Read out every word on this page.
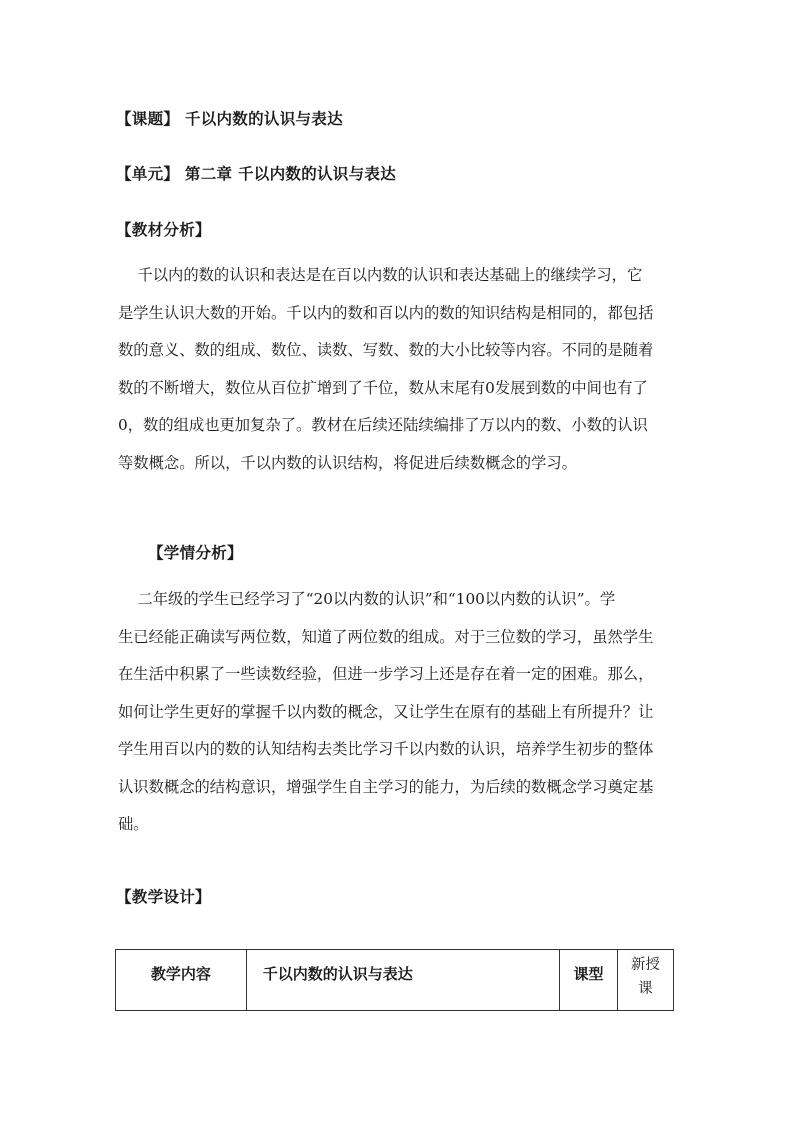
【课题】 千以内数的认识与表达
【单元】 第二章 千以内数的认识与表达
【教材分析】

千以内的数的认识和表达是在百以内数的认识和表达基础上的继续学习，它
是学生认识大数的开始。千以内的数和百以内的数的知识结构是相同的，都包括
数的意义、数的组成、数位、读数、写数、数的大小比较等内容。不同的是随着
数的不断增大，数位从百位扩增到了千位，数从末尾有0发展到数的中间也有了
0，数的组成也更加复杂了。教材在后续还陆续编排了万以内的数、小数的认识
等数概念。所以，千以内数的认识结构，将促进后续数概念的学习。

【学情分析】

二年级的学生已经学习了“20以内数的认识”和“100以内数的认识”。学
生已经能正确读写两位数，知道了两位数的组成。对于三位数的学习，虽然学生
在生活中积累了一些读数经验，但进一步学习上还是存在着一定的困难。那么，
如何让学生更好的掌握千以内数的概念，又让学生在原有的基础上有所提升？让
学生用百以内的数的认知结构去类比学习千以内数的认识，培养学生初步的整体
认识数概念的结构意识，增强学生自主学习的能力，为后续的数概念学习奠定基
础。

【教学设计】
教学内容	千以内数的认识与表达	课型	新授
课
